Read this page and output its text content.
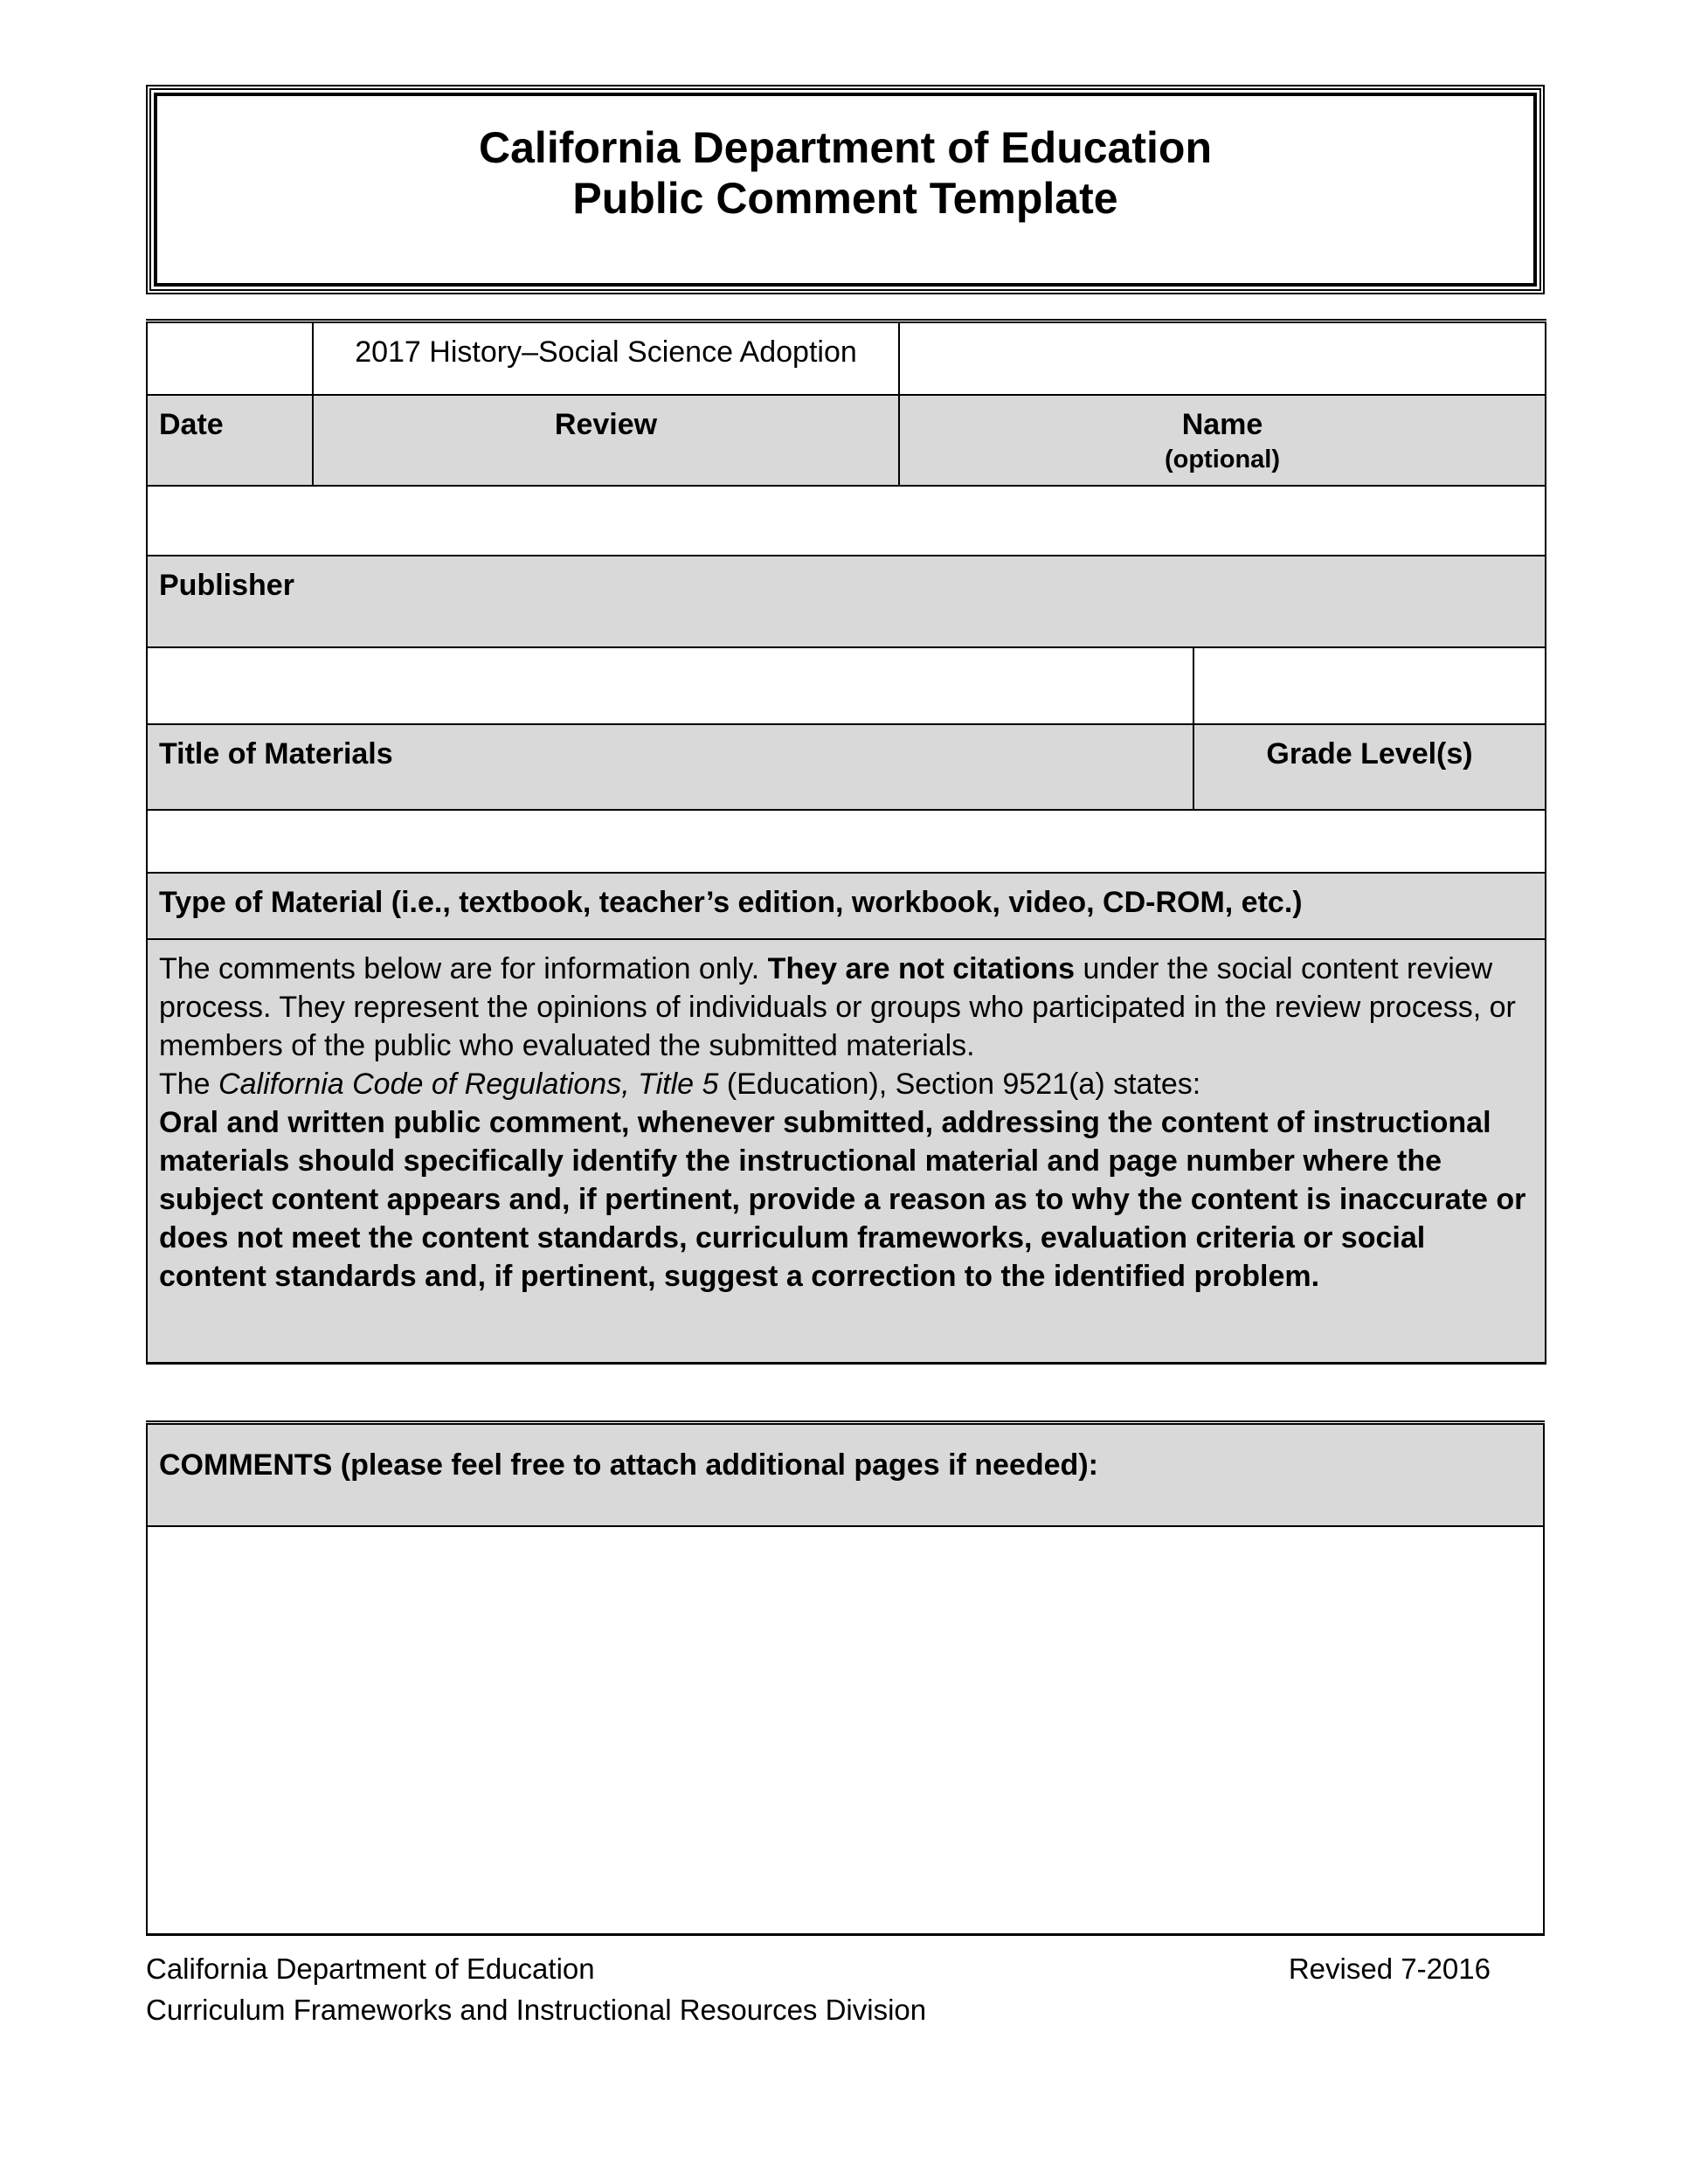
California Department of Education
Public Comment Template
	2017 History–Social Science Adoption		
Date	Review	Name
(optional)	

Publisher			

Title of Materials			Grade Level(s)

Type of Material (i.e., textbook, teacher’s edition, workbook, video, CD-ROM, etc.)			

The comments below are for information only. They are not citations under the social content review process. They represent the opinions of individuals or groups who participated in the review process, or members of the public who evaluated the submitted materials.

The California Code of Regulations, Title 5 (Education), Section 9521(a) states:

Oral and written public comment, whenever submitted, addressing the content of instructional materials should specifically identify the instructional material and page number where the subject content appears and, if pertinent, provide a reason as to why the content is inaccurate or does not meet the content standards, curriculum frameworks, evaluation criteria or social content standards and, if pertinent, suggest a correction to the identified problem.			

COMMENTS (please feel free to attach additional pages if needed):

California Department of Education
Curriculum Frameworks and Instructional Resources Division
Revised 7-2016
